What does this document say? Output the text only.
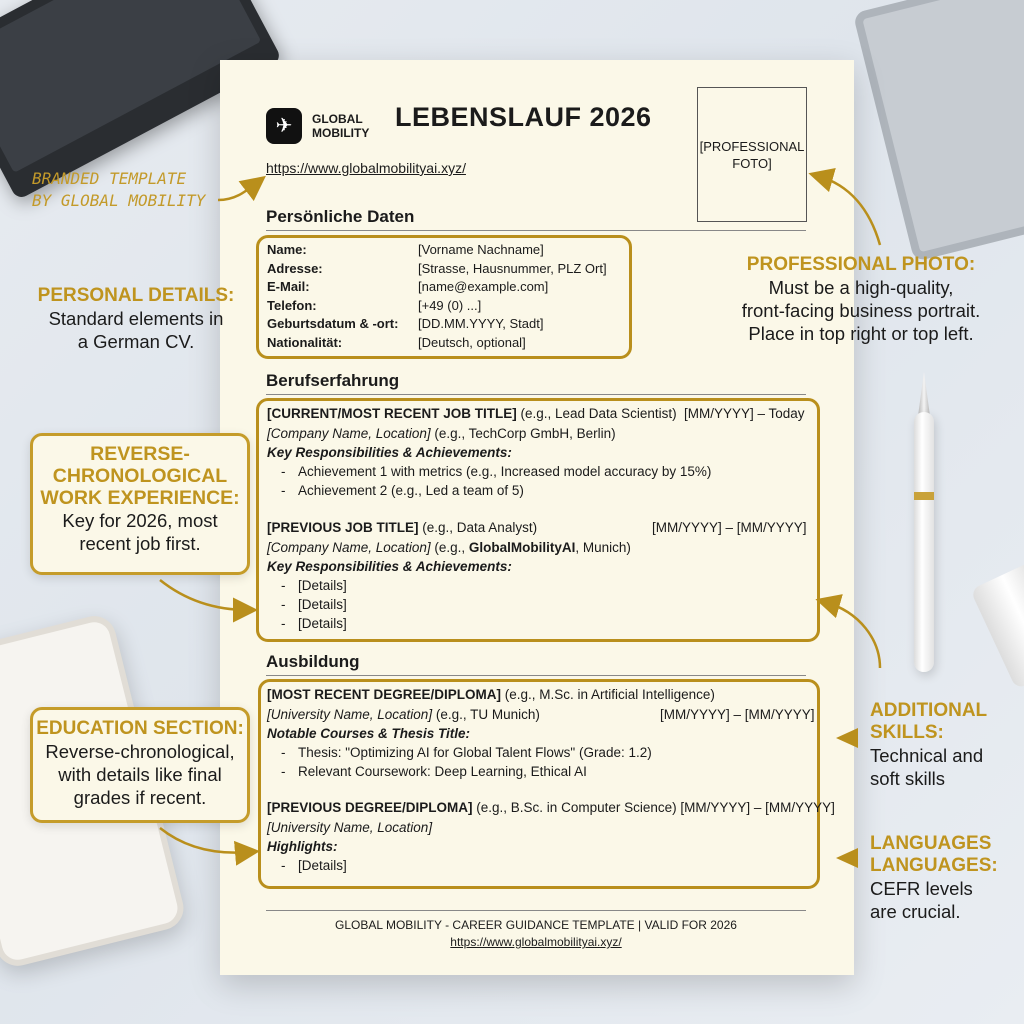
✈	GLOBAL
MOBILITY
LEBENSLAUF 2026
https://www.globalmobilityai.xyz/
[PROFESSIONAL
FOTO]
Persönliche Daten
Name:	[Vorname Nachname]
Adresse:	[Strasse, Hausnummer, PLZ Ort]
E-Mail:	[name@example.com]
Telefon:	[+49 (0) ...]
Geburtsdatum & -ort: [DD.MM.YYYY, Stadt]
Nationalität:	[Deutsch, optional]
Berufserfahrung
[CURRENT/MOST RECENT JOB TITLE] (e.g., Lead Data Scientist) [MM/YYYY] – Today
[Company Name, Location] (e.g., TechCorp GmbH, Berlin)
Key Responsibilities & Achievements:
- Achievement 1 with metrics (e.g., Increased model accuracy by 15%)
- Achievement 2 (e.g., Led a team of 5)
[PREVIOUS JOB TITLE] (e.g., Data Analyst)	[MM/YYYY] – [MM/YYYY]
[Company Name, Location] (e.g., GlobalMobilityAI, Munich)
Key Responsibilities & Achievements:
- [Details]
- [Details]
- [Details]
Ausbildung
[MOST RECENT DEGREE/DIPLOMA] (e.g., M.Sc. in Artificial Intelligence)
[University Name, Location] (e.g., TU Munich)	[MM/YYYY] – [MM/YYYY]
Notable Courses & Thesis Title:
- Thesis: "Optimizing AI for Global Talent Flows" (Grade: 1.2)
- Relevant Coursework: Deep Learning, Ethical AI
[PREVIOUS DEGREE/DIPLOMA] (e.g., B.Sc. in Computer Science) [MM/YYYY] – [MM/YYYY]
[University Name, Location]
Highlights:
- [Details]
GLOBAL MOBILITY - CAREER GUIDANCE TEMPLATE | VALID FOR 2026
https://www.globalmobilityai.xyz/
BRANDED TEMPLATE
BY GLOBAL MOBILITY
PERSONAL DETAILS:
Standard elements in
a German CV.
REVERSE-
CHRONOLOGICAL
WORK EXPERIENCE:
Key for 2026, most
recent job first.
EDUCATION SECTION:
Reverse-chronological,
with details like final
grades if recent.
PROFESSIONAL PHOTO:
Must be a high-quality,
front-facing business portrait.
Place in top right or top left.
ADDITIONAL
SKILLS:
Technical and
soft skills
LANGUAGES
LANGUAGES:
CEFR levels
are crucial.
